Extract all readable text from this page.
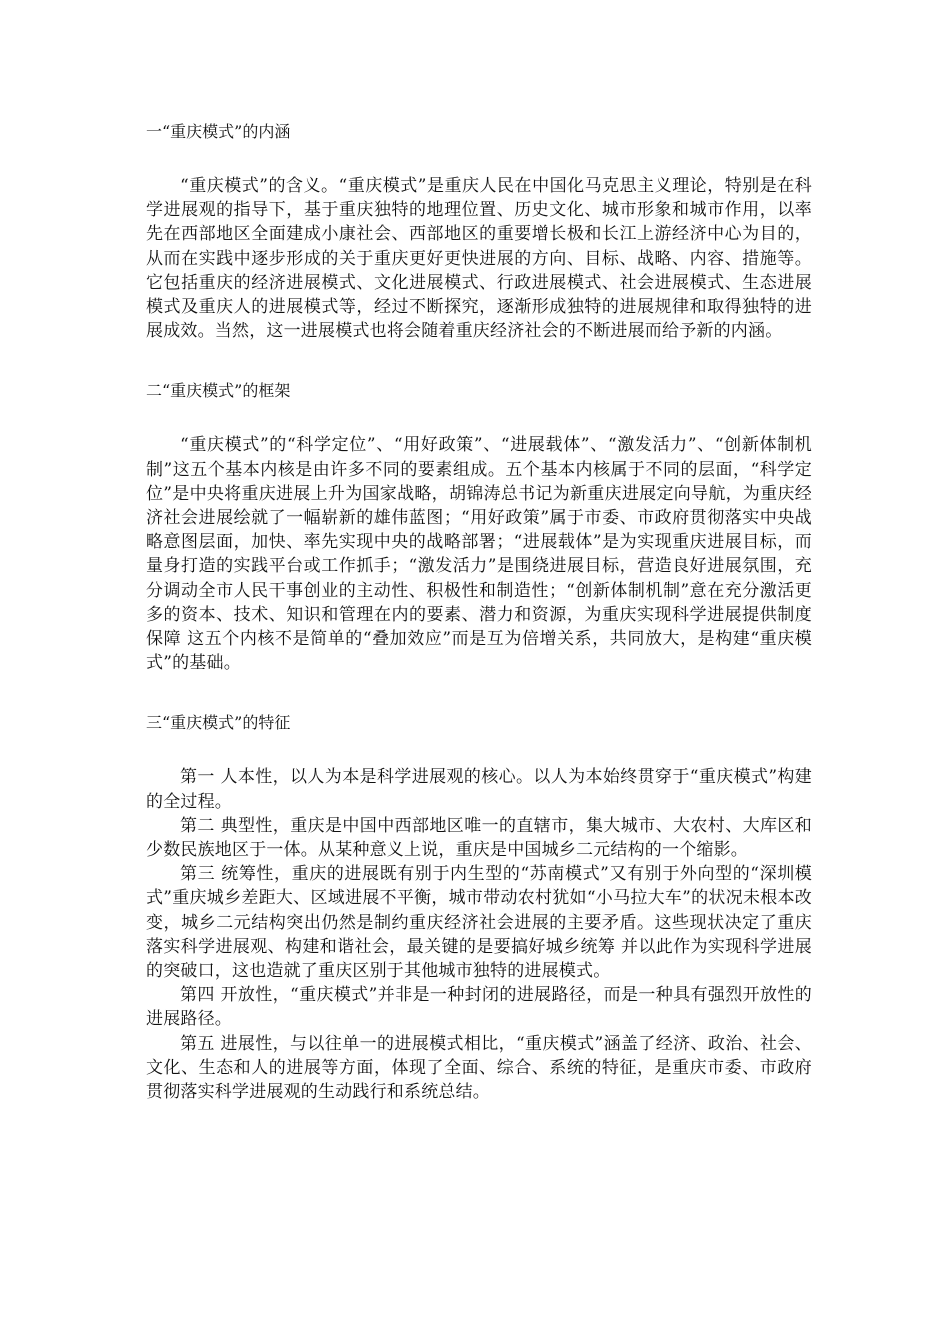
一“重庆模式”的内涵

“重庆模式”的含义。“重庆模式”是重庆人民在中国化马克思主义理论，特别是在科学进展观的指导下，基于重庆独特的地理位置、历史文化、城市形象和城市作用，以率先在西部地区全面建成小康社会、西部地区的重要增长极和长江上游经济中心为目的，从而在实践中逐步形成的关于重庆更好更快进展的方向、目标、战略、内容、措施等。它包括重庆的经济进展模式、文化进展模式、行政进展模式、社会进展模式、生态进展模式及重庆人的进展模式等，经过不断探究，逐渐形成独特的进展规律和取得独特的进展成效。当然，这一进展模式也将会随着重庆经济社会的不断进展而给予新的内涵。

二“重庆模式”的框架

“重庆模式”的“科学定位”、“用好政策”、“进展载体”、“激发活力”、“创新体制机制”这五个基本内核是由许多不同的要素组成。五个基本内核属于不同的层面，“科学定位”是中央将重庆进展上升为国家战略，胡锦涛总书记为新重庆进展定向导航，为重庆经济社会进展绘就了一幅崭新的雄伟蓝图；“用好政策”属于市委、市政府贯彻落实中央战略意图层面，加快、率先实现中央的战略部署；“进展载体”是为实现重庆进展目标，而量身打造的实践平台或工作抓手；“激发活力”是围绕进展目标，营造良好进展氛围，充分调动全市人民干事创业的主动性、积极性和制造性；“创新体制机制”意在充分激活更多的资本、技术、知识和管理在内的要素、潜力和资源，为重庆实现科学进展提供制度保障 这五个内核不是简单的“叠加效应”而是互为倍增关系，共同放大，是构建“重庆模式”的基础。

三“重庆模式”的特征

第一 人本性，以人为本是科学进展观的核心。以人为本始终贯穿于“重庆模式”构建的全过程。

第二 典型性，重庆是中国中西部地区唯一的直辖市，集大城市、大农村、大库区和少数民族地区于一体。从某种意义上说，重庆是中国城乡二元结构的一个缩影。

第三 统筹性，重庆的进展既有别于内生型的“苏南模式”又有别于外向型的“深圳模式”重庆城乡差距大、区域进展不平衡，城市带动农村犹如“小马拉大车”的状况未根本改变，城乡二元结构突出仍然是制约重庆经济社会进展的主要矛盾。这些现状决定了重庆落实科学进展观、构建和谐社会，最关键的是要搞好城乡统筹 并以此作为实现科学进展的突破口，这也造就了重庆区别于其他城市独特的进展模式。

第四 开放性，“重庆模式”并非是一种封闭的进展路径，而是一种具有强烈开放性的进展路径。

第五 进展性，与以往单一的进展模式相比，“重庆模式”涵盖了经济、政治、社会、文化、生态和人的进展等方面，体现了全面、综合、系统的特征，是重庆市委、市政府贯彻落实科学进展观的生动践行和系统总结。
